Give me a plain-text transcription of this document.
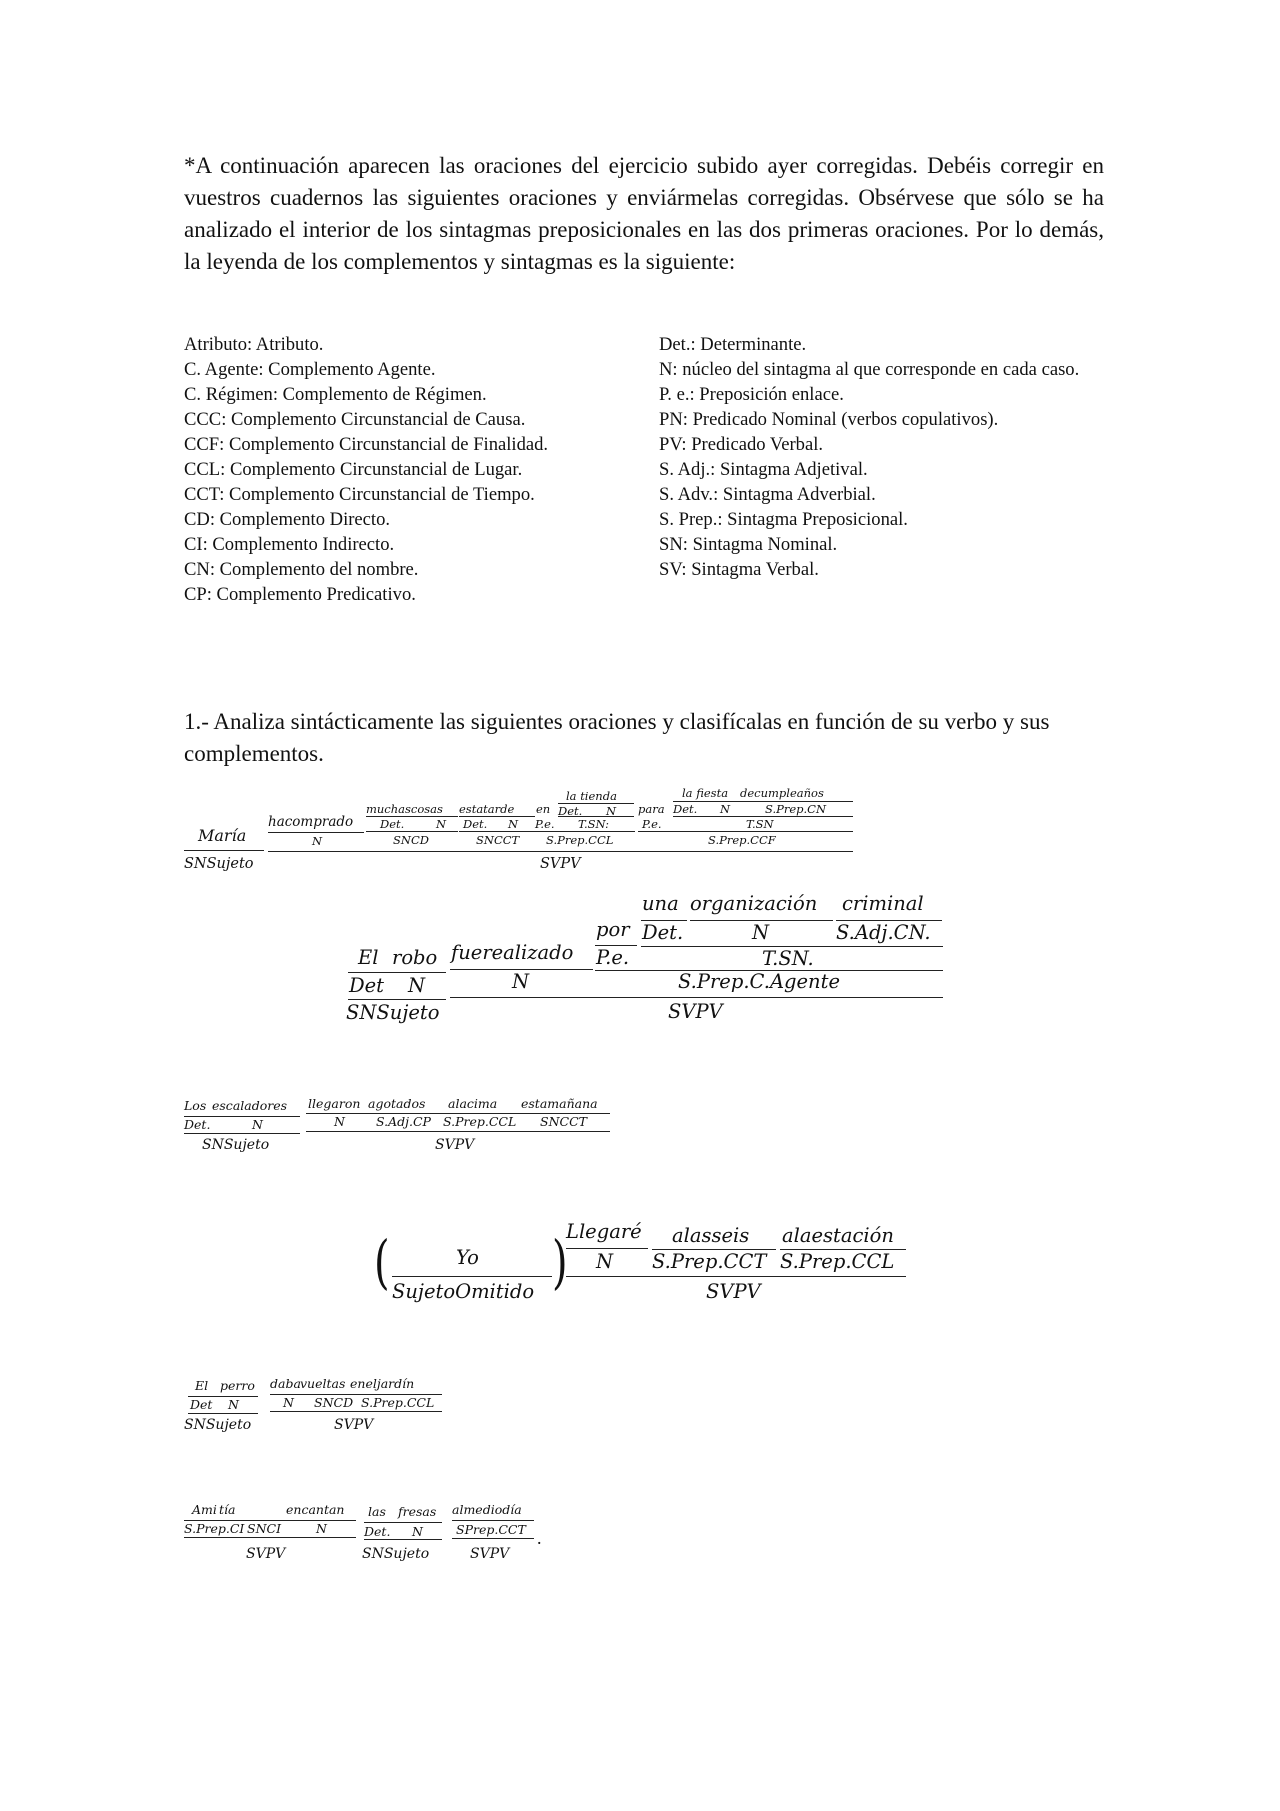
*A continuación aparecen las oraciones del ejercicio subido ayer corregidas. Debéis corregir en vuestros cuadernos las siguientes oraciones y enviármelas corregidas. Obsérvese que sólo se ha analizado el interior de los sintagmas preposicionales en las dos primeras oraciones. Por lo demás, la leyenda de los complementos y sintagmas es la siguiente:

Atributo: Atributo.
C. Agente: Complemento Agente.
C. Régimen: Complemento de Régimen.
CCC: Complemento Circunstancial de Causa.
CCF: Complemento Circunstancial de Finalidad.
CCL: Complemento Circunstancial de Lugar.
CCT: Complemento Circunstancial de Tiempo.
CD: Complemento Directo.
CI: Complemento Indirecto.
CN: Complemento del nombre.
CP: Complemento Predicativo.
Det.: Determinante.
N: núcleo del sintagma al que corresponde en cada caso.
P. e.: Preposición enlace.
PN: Predicado Nominal (verbos copulativos).
PV: Predicado Verbal.
S. Adj.: Sintagma Adjetival.
S. Adv.: Sintagma Adverbial.
S. Prep.: Sintagma Preposicional.
SN: Sintagma Nominal.
SV: Sintagma Verbal.

1.- Analiza sintácticamente las siguientes oraciones y clasifícalas en función de su verbo y sus complementos.

María
SNSujeto
hacomprado
N
muchascosas
Det.	N
SNCD
estatarde
Det. N
SNCCT
en
P.e.
la tienda
Det. N
T.SN:
S.Prep.CCL
para
P.e.
la fiesta decumpleaños
Det. N	S.Prep.CN
T.SN
S.Prep.CCF
SVPV
El robo
Det N
SNSujeto
fuerealizado
N
por
P.e.
una organización criminal
Det.	N	S.Adj.CN.
T.SN.
S.Prep.C.Agente
SVPV
Los escaladores
Det.	N
SNSujeto
llegaron agotados alacima estamañana
N S.Adj.CP S.Prep.CCL SNCCT
SVPV
(	Yo
SujetoOmitido )
Llegaré
N
alasseis
S.Prep.CCT
alaestación
S.Prep.CCL
SVPV
El perro
Det N
SNSujeto
daba vueltas eneljardín
N SNCD S.Prep.CCL
SVPV
Ami tía	encantan
S.Prep.CI SNCI	N
SVPV
las fresas
Det. N
SNSujeto
almediodía
SPrep.CCT
SVPV
.
